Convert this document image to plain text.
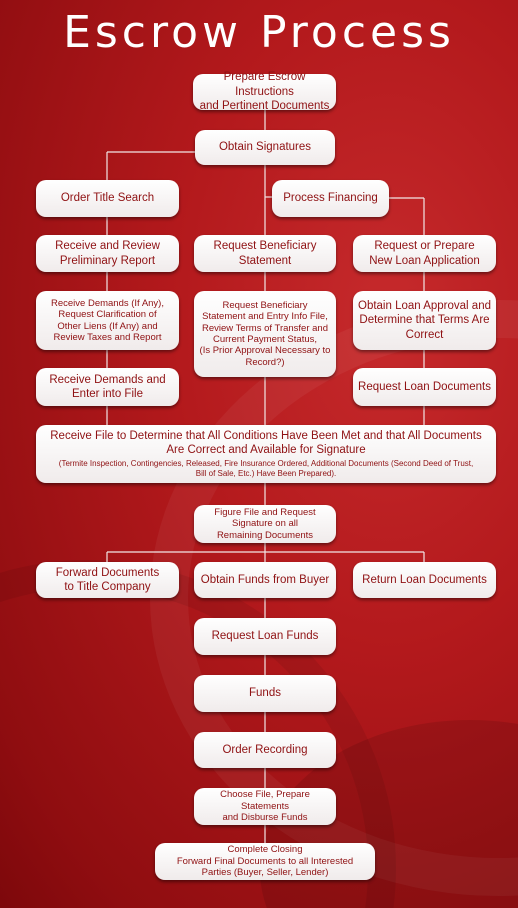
Escrow Process
Prepare Escrow Instructions
and Pertinent Documents
Obtain Signatures
Order Title Search	Process Financing
Receive and Review
Preliminary Report
Request Beneficiary
Statement
Request or Prepare
New Loan Application
Receive Demands (If Any),
Request Clarification of
Other Liens (If Any) and
Review Taxes and Report
Request Beneficiary
Statement and Entry Info File,
Review Terms of Transfer and
Current Payment Status,
(Is Prior Approval Necessary to
Record?)
Obtain Loan Approval and
Determine that Terms Are
Correct
Receive Demands and
Enter into File
Request Loan Documents
Receive File to Determine that All Conditions Have Been Met and that All Documents
Are Correct and Available for Signature
(Termite Inspection, Contingencies, Released, Fire Insurance Ordered, Additional Documents (Second Deed of Trust,
Bill of Sale, Etc.) Have Been Prepared).
Figure File and Request
Signature on all
Remaining Documents
Forward Documents
to Title Company
Obtain Funds from Buyer	Return Loan Documents
Request Loan Funds
Funds
Order Recording
Choose File, Prepare Statements
and Disburse Funds
Complete Closing
Forward Final Documents to all Interested
Parties (Buyer, Seller, Lender)
